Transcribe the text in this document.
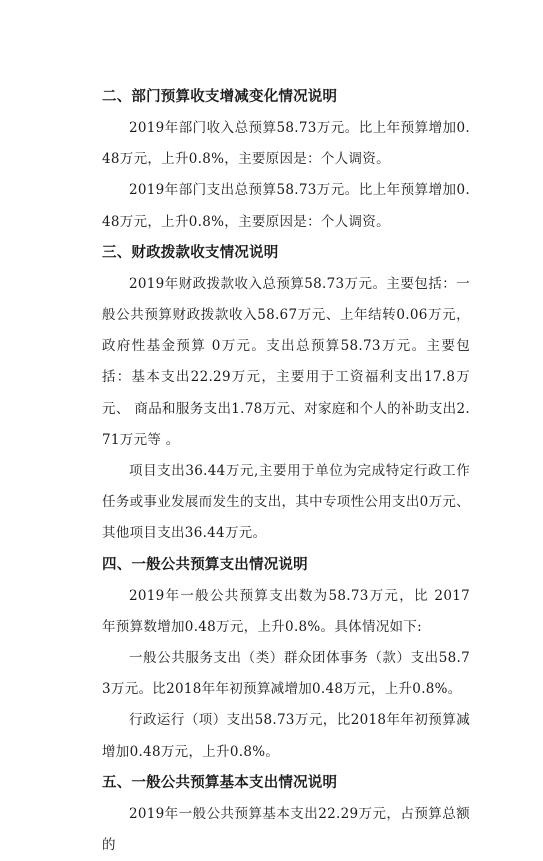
二、部门预算收支增减变化情况说明

2019年部门收入总预算58.73万元。比上年预算增加0.48万元，上升0.8%，主要原因是：个人调资。

2019年部门支出总预算58.73万元。比上年预算增加0.48万元，上升0.8%，主要原因是：个人调资。

三、财政拨款收支情况说明

2019年财政拨款收入总预算58.73万元。主要包括：一般公共预算财政拨款收入58.67万元、上年结转0.06万元，政府性基金预算 0万元。支出总预算58.73万元。主要包括：基本支出22.29万元，主要用于工资福利支出17.8万元、 商品和服务支出1.78万元、对家庭和个人的补助支出2.71万元等 。

项目支出36.44万元,主要用于单位为完成特定行政工作任务或事业发展而发生的支出，其中专项性公用支出0万元、其他项目支出36.44万元。

四、一般公共预算支出情况说明

2019年一般公共预算支出数为58.73万元，比 2017 年预算数增加0.48万元，上升0.8%。具体情况如下:

一般公共服务支出（类）群众团体事务（款）支出58.73万元。比2018年年初预算减增加0.48万元，上升0.8%。

行政运行（项）支出58.73万元，比2018年年初预算减增加0.48万元，上升0.8%。

五、一般公共预算基本支出情况说明

2019年一般公共预算基本支出22.29万元，占预算总额的
